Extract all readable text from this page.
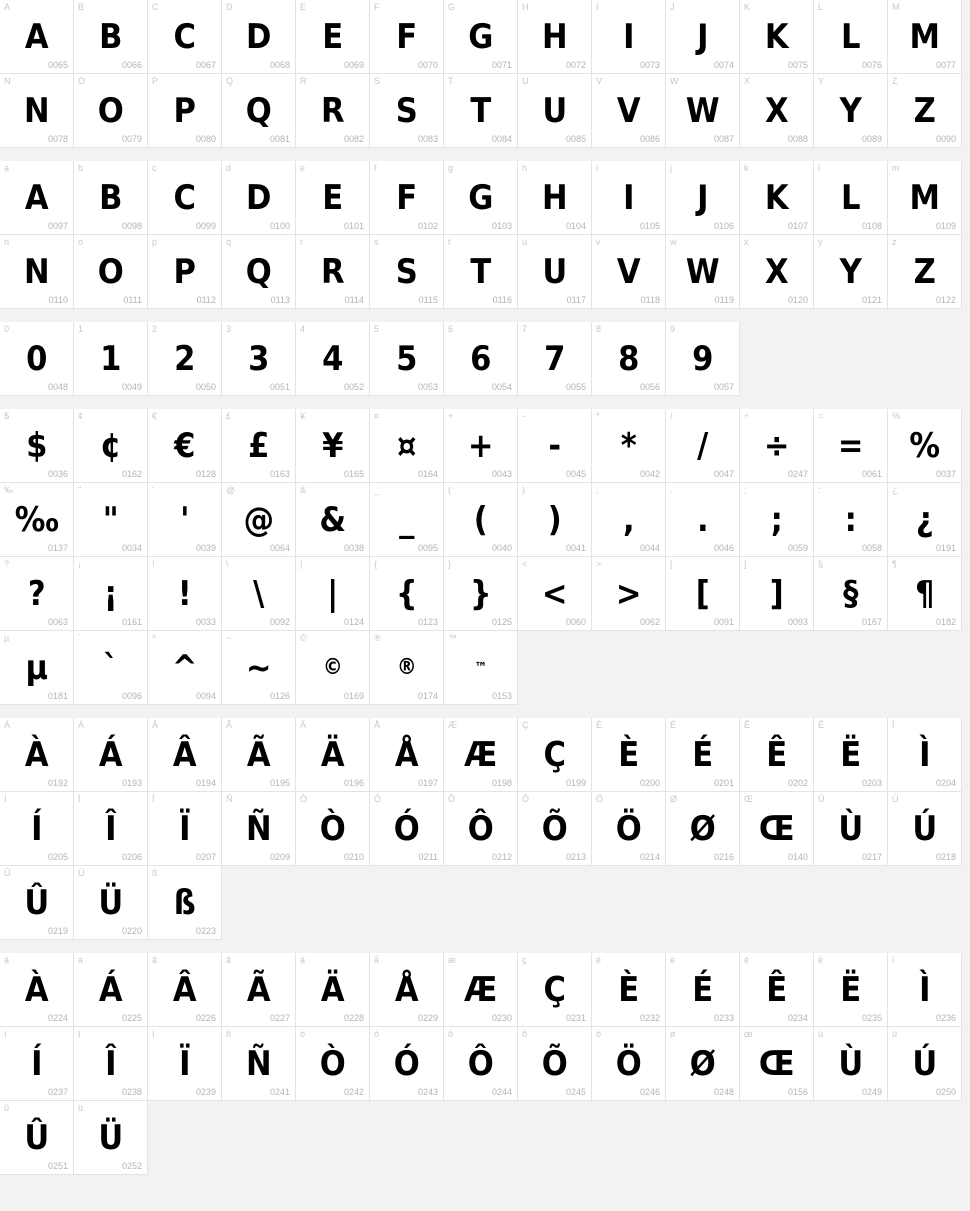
A
A
0065
B
B
0066
C
C
0067
D
D
0068
E
E
0069
F
F
0070
G
G
0071
H
H
0072
I
I
0073
J
J
0074
K
K
0075
L
L
0076
M
M
0077
N
N
0078
O
O
0079
P
P
0080
Q
Q
0081
R
R
0082
S
S
0083
T
T
0084
U
U
0085
V
V
0086
W
W
0087
X
X
0088
Y
Y
0089
Z
Z
0090
a
A
0097
b
B
0098
c
C
0099
d
D
0100
e
E
0101
f
F
0102
g
G
0103
h
H
0104
i
I
0105
j
J
0106
k
K
0107
l
L
0108
m
M
0109
n
N
0110
o
O
0111
p
P
0112
q
Q
0113
r
R
0114
s
S
0115
t
T
0116
u
U
0117
v
V
0118
w
W
0119
x
X
0120
y
Y
0121
z
Z
0122
0
0
0048
1
1
0049
2
2
0050
3
3
0051
4
4
0052
5
5
0053
6
6
0054
7
7
0055
8
8
0056
9
9
0057
$
$
0036
¢
¢
0162
€
€
0128
£
£
0163
¥
¥
0165
¤
¤
0164
+
+
0043
-
-
0045
*
*
0042
/
/
0047
÷
÷
0247
=
=
0061
%
%
0037
‰
‰
0137
"
"
0034
'
'
0039
@
@
0064
&
&
0038
_
_
0095
(
(
0040
)
)
0041
,
,
0044
.
.
0046
;
;
0059
:
:
0058
¿
¿
0191
?
?
0063
¡
¡
0161
!
!
0033
\
\
0092
|
|
0124
{
{
0123
}
}
0125
<
<
0060
>
>
0062
[
[
0091
]
]
0093
§
§
0167
¶
¶
0182
µ
µ
0181
`
`
0096
^
^
0094
~
~
0126
©
©
0169
®
®
0174
™
™
0153
À
À
0192
Á
Á
0193
Â
Â
0194
Ã
Ã
0195
Ä
Ä
0196
Å
Å
0197
Æ
Æ
0198
Ç
Ç
0199
È
È
0200
É
É
0201
Ê
Ê
0202
Ë
Ë
0203
Ì
Ì
0204
Í
Í
0205
Î
Î
0206
Ï
Ï
0207
Ñ
Ñ
0209
Ò
Ò
0210
Ó
Ó
0211
Ô
Ô
0212
Õ
Õ
0213
Ö
Ö
0214
Ø
Ø
0216
Œ
Œ
0140
Ù
Ù
0217
Ú
Ú
0218
Û
Û
0219
Ü
Ü
0220
ß
ß
0223
à
À
0224
á
Á
0225
â
Â
0226
ã
Ã
0227
ä
Ä
0228
å
Å
0229
æ
Æ
0230
ç
Ç
0231
è
È
0232
é
É
0233
ê
Ê
0234
ë
Ë
0235
ì
Ì
0236
í
Í
0237
î
Î
0238
ï
Ï
0239
ñ
Ñ
0241
ò
Ò
0242
ó
Ó
0243
ô
Ô
0244
õ
Õ
0245
ö
Ö
0246
ø
Ø
0248
œ
Œ
0156
ù
Ù
0249
ú
Ú
0250
û
Û
0251
ü
Ü
0252
